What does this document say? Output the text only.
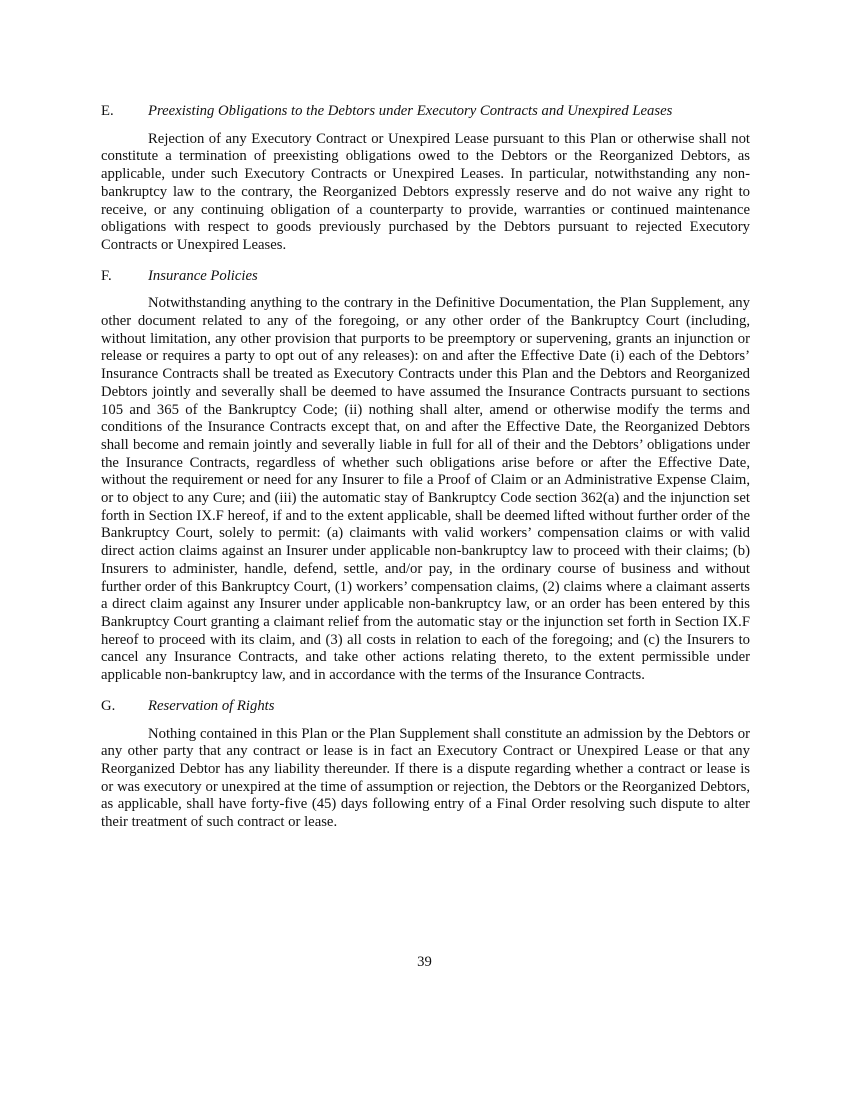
E.	Preexisting Obligations to the Debtors under Executory Contracts and Unexpired Leases

Rejection of any Executory Contract or Unexpired Lease pursuant to this Plan or otherwise shall not constitute a termination of preexisting obligations owed to the Debtors or the Reorganized Debtors, as applicable, under such Executory Contracts or Unexpired Leases. In particular, notwithstanding any non-bankruptcy law to the contrary, the Reorganized Debtors expressly reserve and do not waive any right to receive, or any continuing obligation of a counterparty to provide, warranties or continued maintenance obligations with respect to goods previously purchased by the Debtors pursuant to rejected Executory Contracts or Unexpired Leases.

F.	Insurance Policies

Notwithstanding anything to the contrary in the Definitive Documentation, the Plan Supplement, any other document related to any of the foregoing, or any other order of the Bankruptcy Court (including, without limitation, any other provision that purports to be preemptory or supervening, grants an injunction or release or requires a party to opt out of any releases): on and after the Effective Date (i) each of the Debtors’ Insurance Contracts shall be treated as Executory Contracts under this Plan and the Debtors and Reorganized Debtors jointly and severally shall be deemed to have assumed the Insurance Contracts pursuant to sections 105 and 365 of the Bankruptcy Code; (ii) nothing shall alter, amend or otherwise modify the terms and conditions of the Insurance Contracts except that, on and after the Effective Date, the Reorganized Debtors shall become and remain jointly and severally liable in full for all of their and the Debtors’ obligations under the Insurance Contracts, regardless of whether such obligations arise before or after the Effective Date, without the requirement or need for any Insurer to file a Proof of Claim or an Administrative Expense Claim, or to object to any Cure; and (iii) the automatic stay of Bankruptcy Code section 362(a) and the injunction set forth in Section IX.F hereof, if and to the extent applicable, shall be deemed lifted without further order of the Bankruptcy Court, solely to permit: (a) claimants with valid workers’ compensation claims or with valid direct action claims against an Insurer under applicable non-bankruptcy law to proceed with their claims; (b) Insurers to administer, handle, defend, settle, and/or pay, in the ordinary course of business and without further order of this Bankruptcy Court, (1) workers’ compensation claims, (2) claims where a claimant asserts a direct claim against any Insurer under applicable non-bankruptcy law, or an order has been entered by this Bankruptcy Court granting a claimant relief from the automatic stay or the injunction set forth in Section IX.F hereof to proceed with its claim, and (3) all costs in relation to each of the foregoing; and (c) the Insurers to cancel any Insurance Contracts, and take other actions relating thereto, to the extent permissible under applicable non-bankruptcy law, and in accordance with the terms of the Insurance Contracts.

G.	Reservation of Rights

Nothing contained in this Plan or the Plan Supplement shall constitute an admission by the Debtors or any other party that any contract or lease is in fact an Executory Contract or Unexpired Lease or that any Reorganized Debtor has any liability thereunder. If there is a dispute regarding whether a contract or lease is or was executory or unexpired at the time of assumption or rejection, the Debtors or the Reorganized Debtors, as applicable, shall have forty-five (45) days following entry of a Final Order resolving such dispute to alter their treatment of such contract or lease.

39
